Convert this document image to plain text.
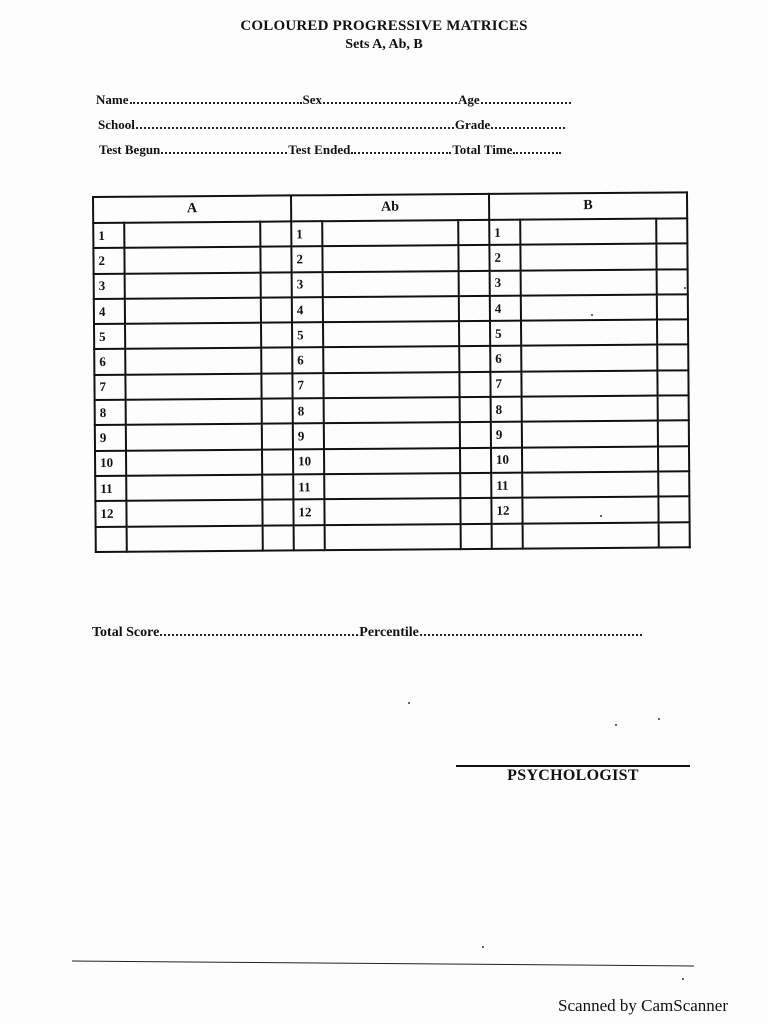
COLOURED PROGRESSIVE MATRICES
Sets A, Ab, B
Name	Sex	Age
School	Grade
Test Begun	Test Ended	Total Time
A			Ab			B		
1			1			1		
2			2			2		
3			3			3		
4			4			4		
5			5			5		
6			6			6		
7			7			7		
8			8			8		
9			9			9		
10			10			10		
11			11			11		
12			12			12		

Total Score	Percentile
PSYCHOLOGIST
Scanned by CamScanner
